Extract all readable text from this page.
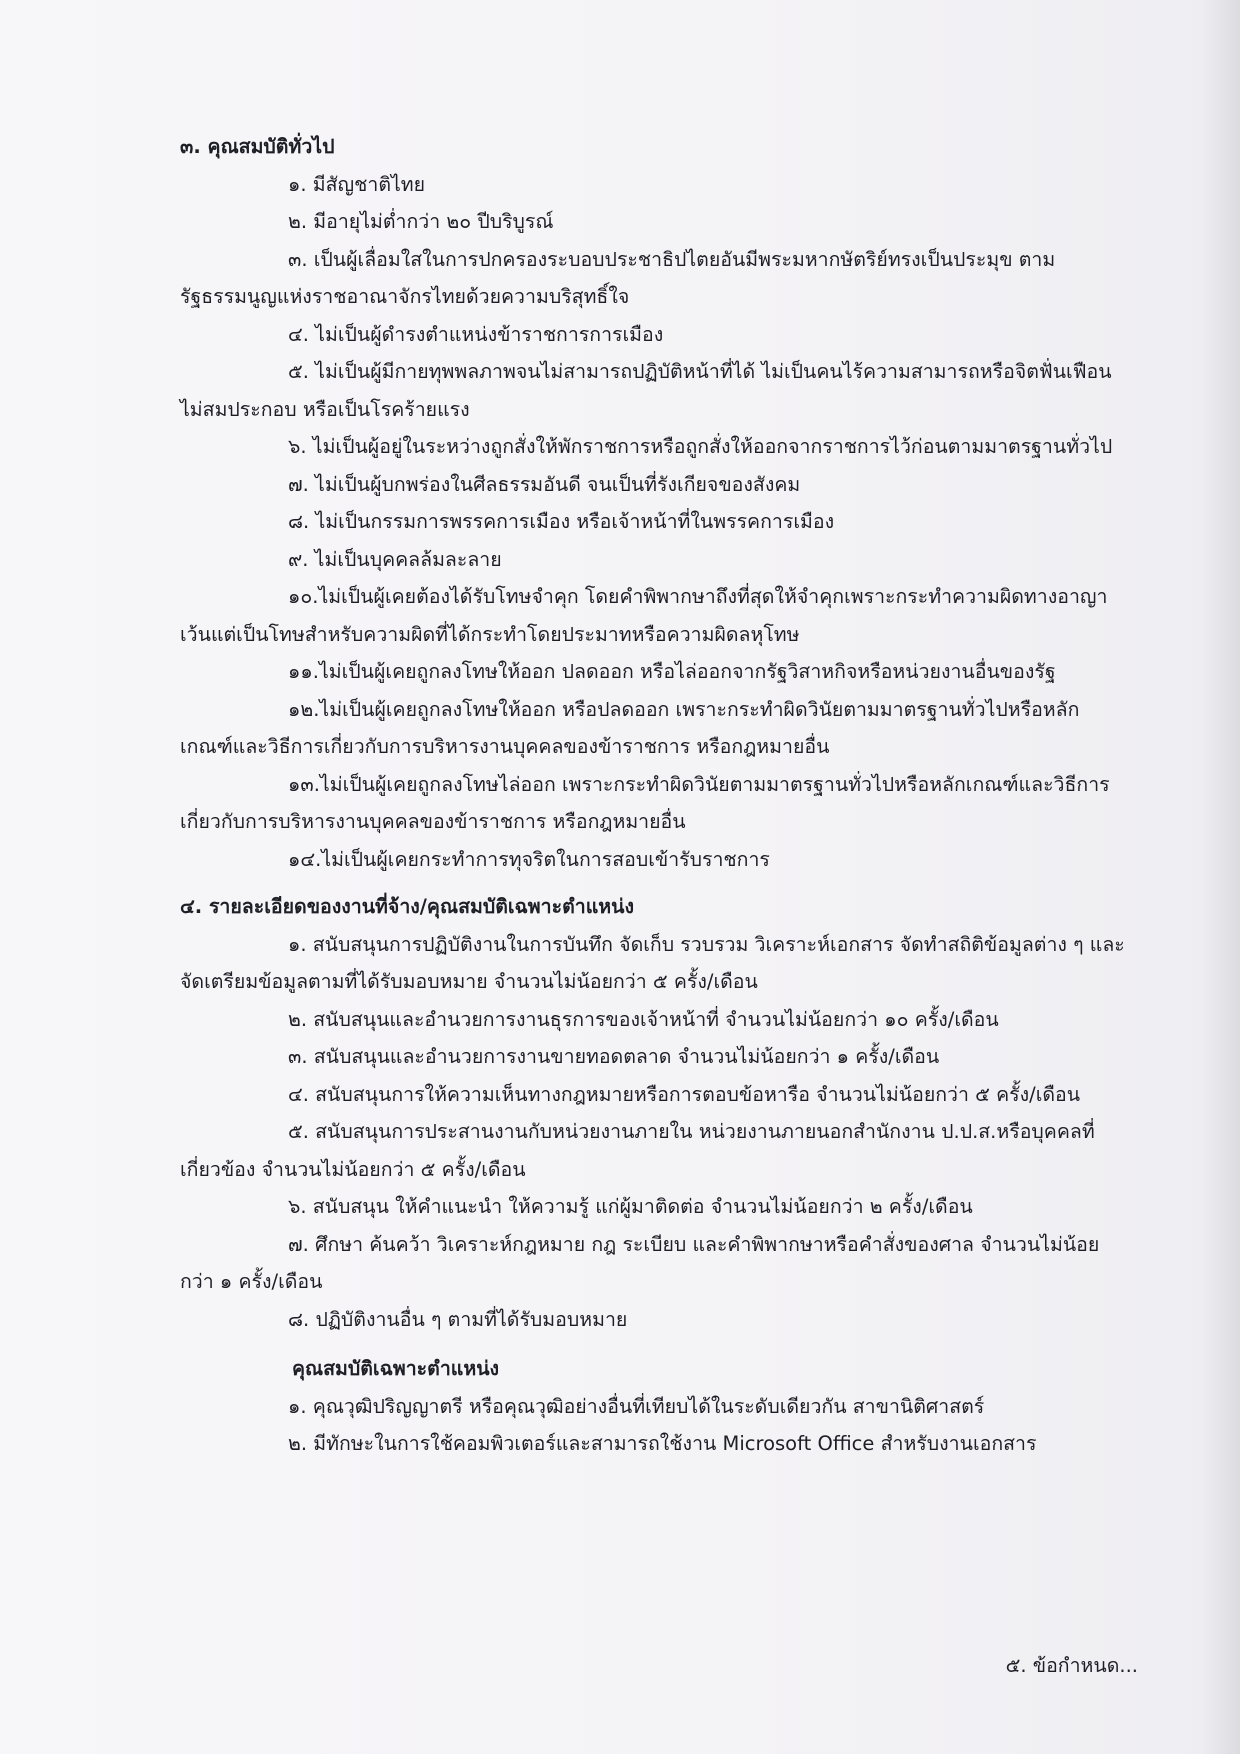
๓. คุณสมบัติทั่วไป
๑. มีสัญชาติไทย
๒. มีอายุไม่ต่ำกว่า ๒๐ ปีบริบูรณ์
๓. เป็นผู้เลื่อมใสในการปกครองระบอบประชาธิปไตยอันมีพระมหากษัตริย์ทรงเป็นประมุข ตามรัฐธรรมนูญแห่งราชอาณาจักรไทยด้วยความบริสุทธิ์ใจ
๔. ไม่เป็นผู้ดำรงตำแหน่งข้าราชการการเมือง
๕. ไม่เป็นผู้มีกายทุพพลภาพจนไม่สามารถปฏิบัติหน้าที่ได้ ไม่เป็นคนไร้ความสามารถหรือจิตฟั่นเฟือน ไม่สมประกอบ หรือเป็นโรคร้ายแรง
๖. ไม่เป็นผู้อยู่ในระหว่างถูกสั่งให้พักราชการหรือถูกสั่งให้ออกจากราชการไว้ก่อนตามมาตรฐานทั่วไป
๗. ไม่เป็นผู้บกพร่องในศีลธรรมอันดี จนเป็นที่รังเกียจของสังคม
๘. ไม่เป็นกรรมการพรรคการเมือง หรือเจ้าหน้าที่ในพรรคการเมือง
๙. ไม่เป็นบุคคลล้มละลาย
๑๐.ไม่เป็นผู้เคยต้องได้รับโทษจำคุก โดยคำพิพากษาถึงที่สุดให้จำคุกเพราะกระทำความผิดทางอาญา เว้นแต่เป็นโทษสำหรับความผิดที่ได้กระทำโดยประมาทหรือความผิดลหุโทษ
๑๑.ไม่เป็นผู้เคยถูกลงโทษให้ออก ปลดออก หรือไล่ออกจากรัฐวิสาหกิจหรือหน่วยงานอื่นของรัฐ
๑๒.ไม่เป็นผู้เคยถูกลงโทษให้ออก หรือปลดออก เพราะกระทำผิดวินัยตามมาตรฐานทั่วไปหรือหลักเกณฑ์และวิธีการเกี่ยวกับการบริหารงานบุคคลของข้าราชการ หรือกฎหมายอื่น
๑๓.ไม่เป็นผู้เคยถูกลงโทษไล่ออก เพราะกระทำผิดวินัยตามมาตรฐานทั่วไปหรือหลักเกณฑ์และวิธีการเกี่ยวกับการบริหารงานบุคคลของข้าราชการ หรือกฎหมายอื่น
๑๔.ไม่เป็นผู้เคยกระทำการทุจริตในการสอบเข้ารับราชการ
๔. รายละเอียดของงานที่จ้าง/คุณสมบัติเฉพาะตำแหน่ง
๑. สนับสนุนการปฏิบัติงานในการบันทึก จัดเก็บ รวบรวม วิเคราะห์เอกสาร จัดทำสถิติข้อมูลต่าง ๆ และจัดเตรียมข้อมูลตามที่ได้รับมอบหมาย จำนวนไม่น้อยกว่า ๕ ครั้ง/เดือน
๒. สนับสนุนและอำนวยการงานธุรการของเจ้าหน้าที่ จำนวนไม่น้อยกว่า ๑๐ ครั้ง/เดือน
๓. สนับสนุนและอำนวยการงานขายทอดตลาด จำนวนไม่น้อยกว่า ๑ ครั้ง/เดือน
๔. สนับสนุนการให้ความเห็นทางกฎหมายหรือการตอบข้อหารือ จำนวนไม่น้อยกว่า ๕ ครั้ง/เดือน
๕. สนับสนุนการประสานงานกับหน่วยงานภายใน หน่วยงานภายนอกสำนักงาน ป.ป.ส.หรือบุคคลที่เกี่ยวข้อง จำนวนไม่น้อยกว่า ๕ ครั้ง/เดือน
๖. สนับสนุน ให้คำแนะนำ ให้ความรู้ แก่ผู้มาติดต่อ จำนวนไม่น้อยกว่า ๒ ครั้ง/เดือน
๗. ศึกษา ค้นคว้า วิเคราะห์กฎหมาย กฎ ระเบียบ และคำพิพากษาหรือคำสั่งของศาล จำนวนไม่น้อยกว่า ๑ ครั้ง/เดือน
๘. ปฏิบัติงานอื่น ๆ ตามที่ได้รับมอบหมาย
คุณสมบัติเฉพาะตำแหน่ง
๑. คุณวุฒิปริญญาตรี หรือคุณวุฒิอย่างอื่นที่เทียบได้ในระดับเดียวกัน สาขานิติศาสตร์
๒. มีทักษะในการใช้คอมพิวเตอร์และสามารถใช้งาน Microsoft Office สำหรับงานเอกสาร
๕. ข้อกำหนด...
